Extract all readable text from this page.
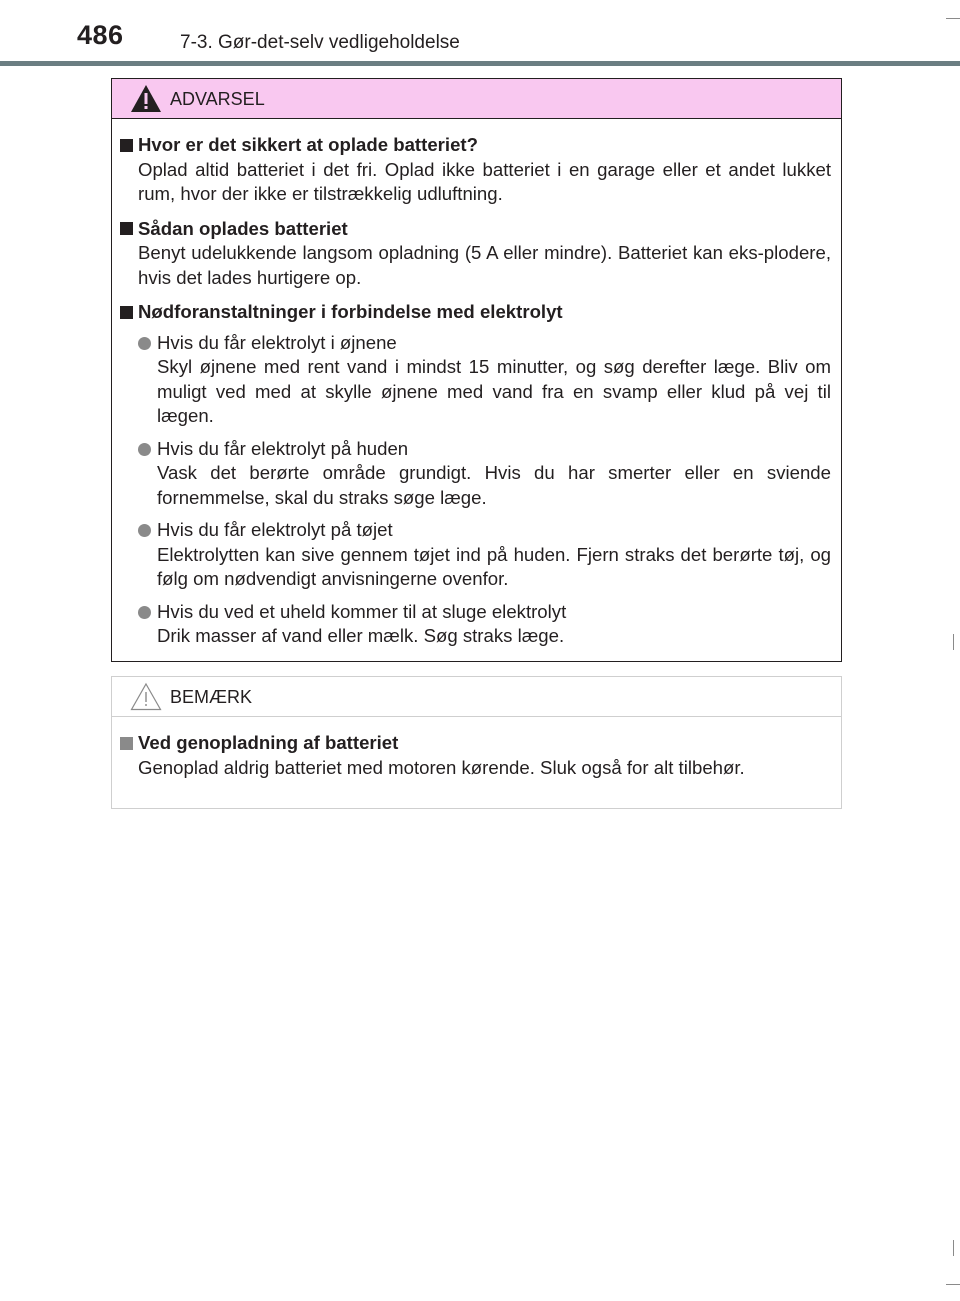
486	7-3. Gør-det-selv vedligeholdelse
ADVARSEL
Hvor er det sikkert at oplade batteriet?
Oplad altid batteriet i det fri. Oplad ikke batteriet i en garage eller et andet lukket rum, hvor der ikke er tilstrækkelig udluftning.
Sådan oplades batteriet
Benyt udelukkende langsom opladning (5 A eller mindre). Batteriet kan eks-plodere, hvis det lades hurtigere op.
Nødforanstaltninger i forbindelse med elektrolyt
Hvis du får elektrolyt i øjnene
Skyl øjnene med rent vand i mindst 15 minutter, og søg derefter læge. Bliv om muligt ved med at skylle øjnene med vand fra en svamp eller klud på vej til lægen.
Hvis du får elektrolyt på huden
Vask det berørte område grundigt. Hvis du har smerter eller en sviende fornemmelse, skal du straks søge læge.
Hvis du får elektrolyt på tøjet
Elektrolytten kan sive gennem tøjet ind på huden. Fjern straks det berørte tøj, og følg om nødvendigt anvisningerne ovenfor.
Hvis du ved et uheld kommer til at sluge elektrolyt
Drik masser af vand eller mælk. Søg straks læge.
BEMÆRK
Ved genopladning af batteriet
Genoplad aldrig batteriet med motoren kørende. Sluk også for alt tilbehør.
